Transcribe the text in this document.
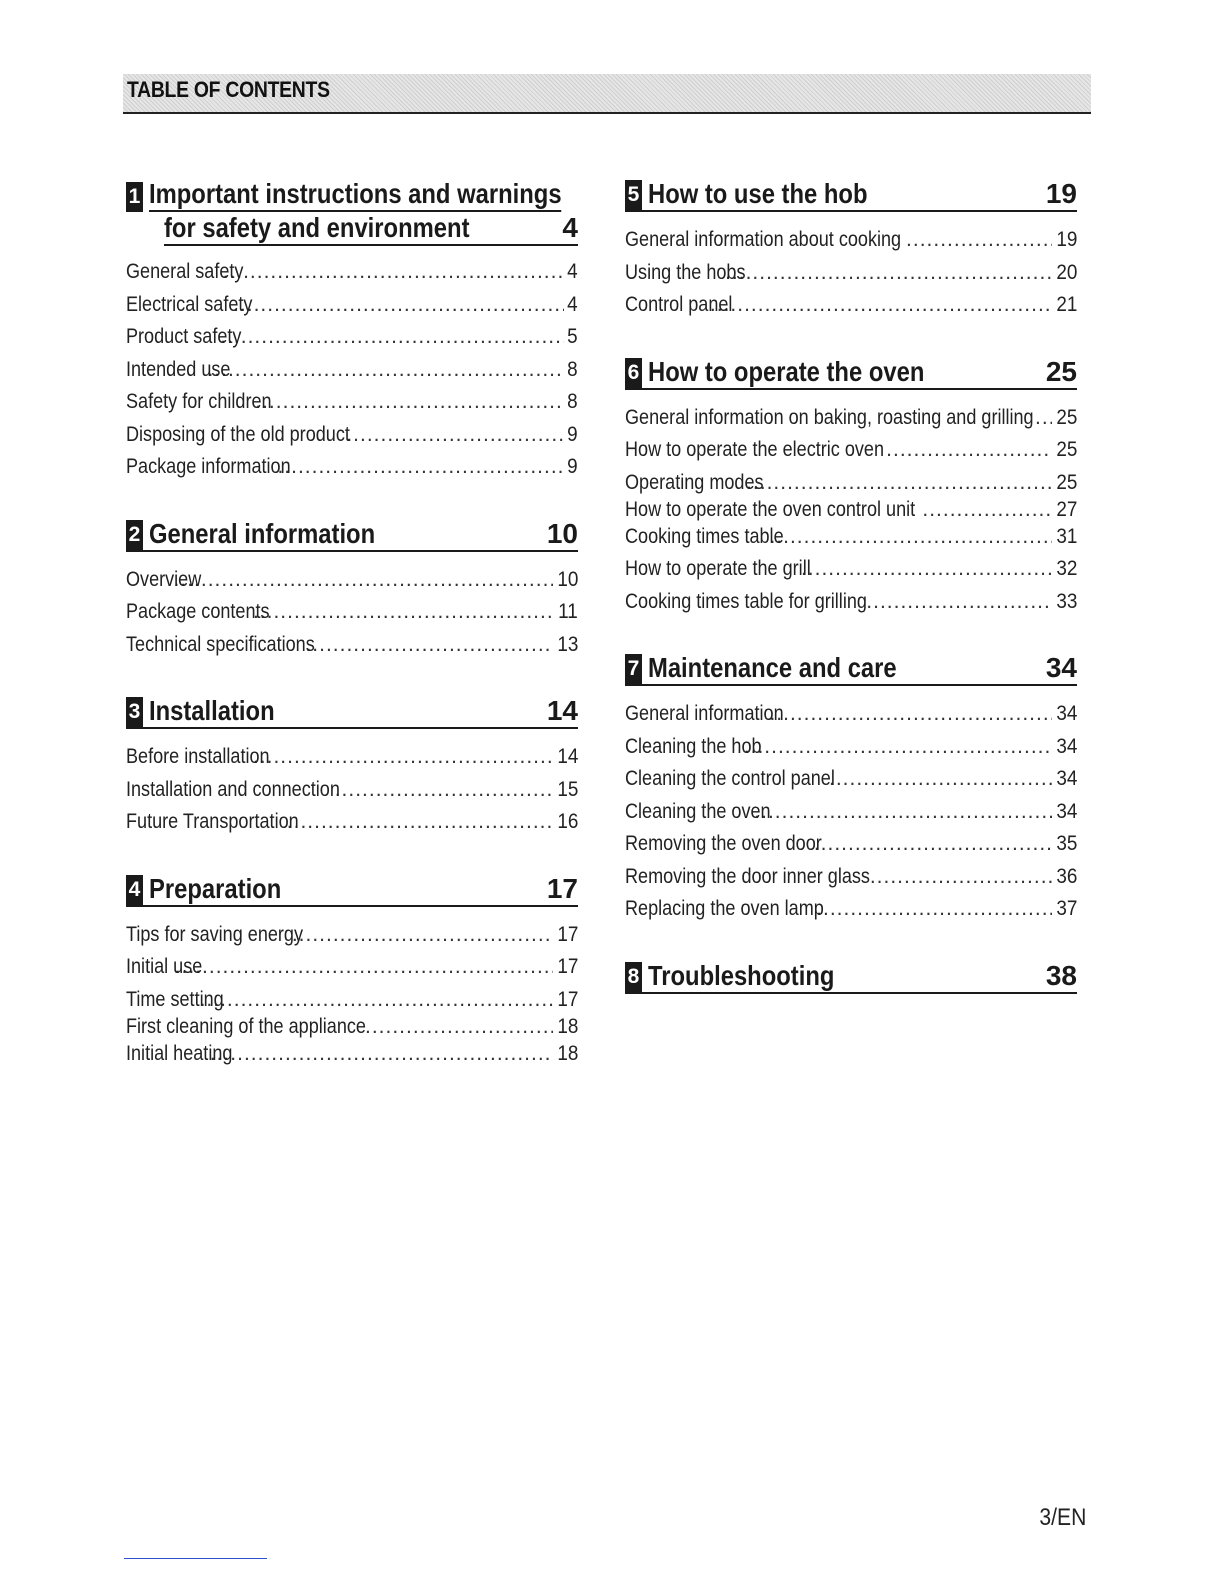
TABLE OF CONTENTS
1 Important instructions and warnings
for safety and environment	4
General safety .....	4
Electrical safety .....	4
Product safety .....	5
Intended use .....	8
Safety for children .....	8
Disposing of the old product .....	9
Package information .....	9
2 General information	10
Overview .....	10
Package contents .....	11
Technical specifications .....	13
3 Installation	14
Before installation .....	14
Installation and connection .....	15
Future Transportation .....	16
4 Preparation	17
Tips for saving energy .....	17
Initial use .....	17
Time setting .....	17
First cleaning of the appliance .....	18
Initial heating .....	18
5 How to use the hob	19
General information about cooking .....	19
Using the hobs .....	20
Control panel .....	21
6 How to operate the oven	25
General information on baking, roasting and grilling ..... 25
How to operate the electric oven .....	25
Operating modes .....	25
How to operate the oven control unit .....	27
Cooking times table .....	31
How to operate the grill .....	32
Cooking times table for grilling .....	33
7 Maintenance and care	34
General information .....	34
Cleaning the hob .....	34
Cleaning the control panel .....	34
Cleaning the oven .....	34
Removing the oven door .....	35
Removing the door inner glass .....	36
Replacing the oven lamp .....	37
8 Troubleshooting	38
3/EN
